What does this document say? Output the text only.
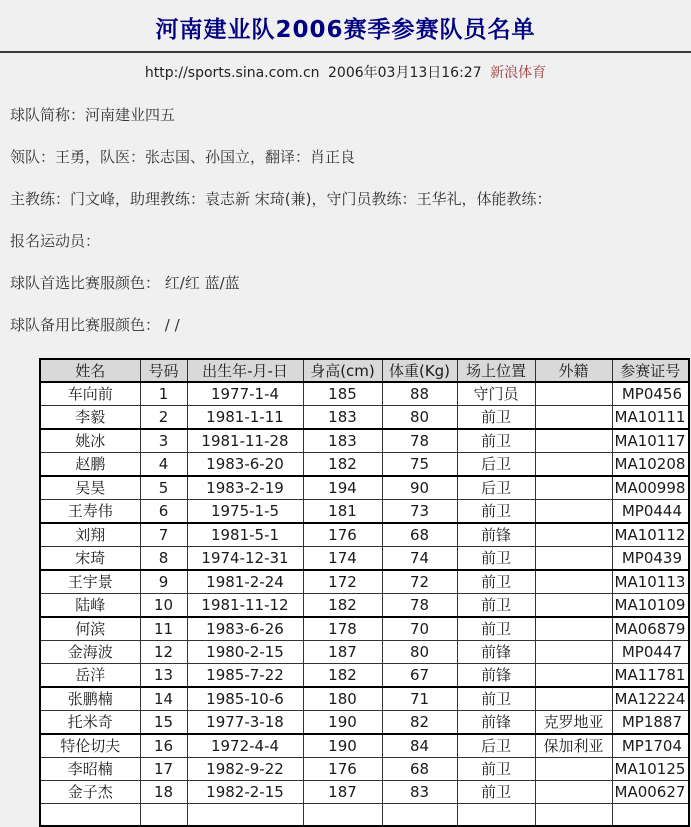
河南建业队2006赛季参赛队员名单
http://sports.sina.com.cn 2006年03月13日16:27 新浪体育

球队简称：河南建业四五

领队：王勇，队医：张志国、孙国立，翻译：肖正良

主教练：门文峰，助理教练：袁志新 宋琦(兼)，守门员教练：王华礼，体能教练：

报名运动员：

球队首选比赛服颜色： 红/红 蓝/蓝

球队备用比赛服颜色： / /

姓名	号码	出生年-月-日	身高(cm)	体重(Kg)	场上位置	外籍	参赛证号
车向前	1	1977-1-4	185	88	守门员		MP0456
李毅	2	1981-1-11	183	80	前卫		MA10111
姚冰	3	1981-11-28	183	78	前卫		MA10117
赵鹏	4	1983-6-20	182	75	后卫		MA10208
吴昊	5	1983-2-19	194	90	后卫		MA00998
王寿伟	6	1975-1-5	181	73	前卫		MP0444
刘翔	7	1981-5-1	176	68	前锋		MA10112
宋琦	8	1974-12-31	174	74	前卫		MP0439
王宇景	9	1981-2-24	172	72	前卫		MA10113
陆峰	10	1981-11-12	182	78	前卫		MA10109
何滨	11	1983-6-26	178	70	前卫		MA06879
金海波	12	1980-2-15	187	80	前锋		MP0447
岳洋	13	1985-7-22	182	67	前锋		MA11781
张鹏楠	14	1985-10-6	180	71	前卫		MA12224
托米奇	15	1977-3-18	190	82	前锋	克罗地亚	MP1887
特伦切夫	16	1972-4-4	190	84	后卫	保加利亚	MP1704
李昭楠	17	1982-9-22	176	68	前卫		MA10125
金子杰	18	1982-2-15	187	83	前卫		MA00627
